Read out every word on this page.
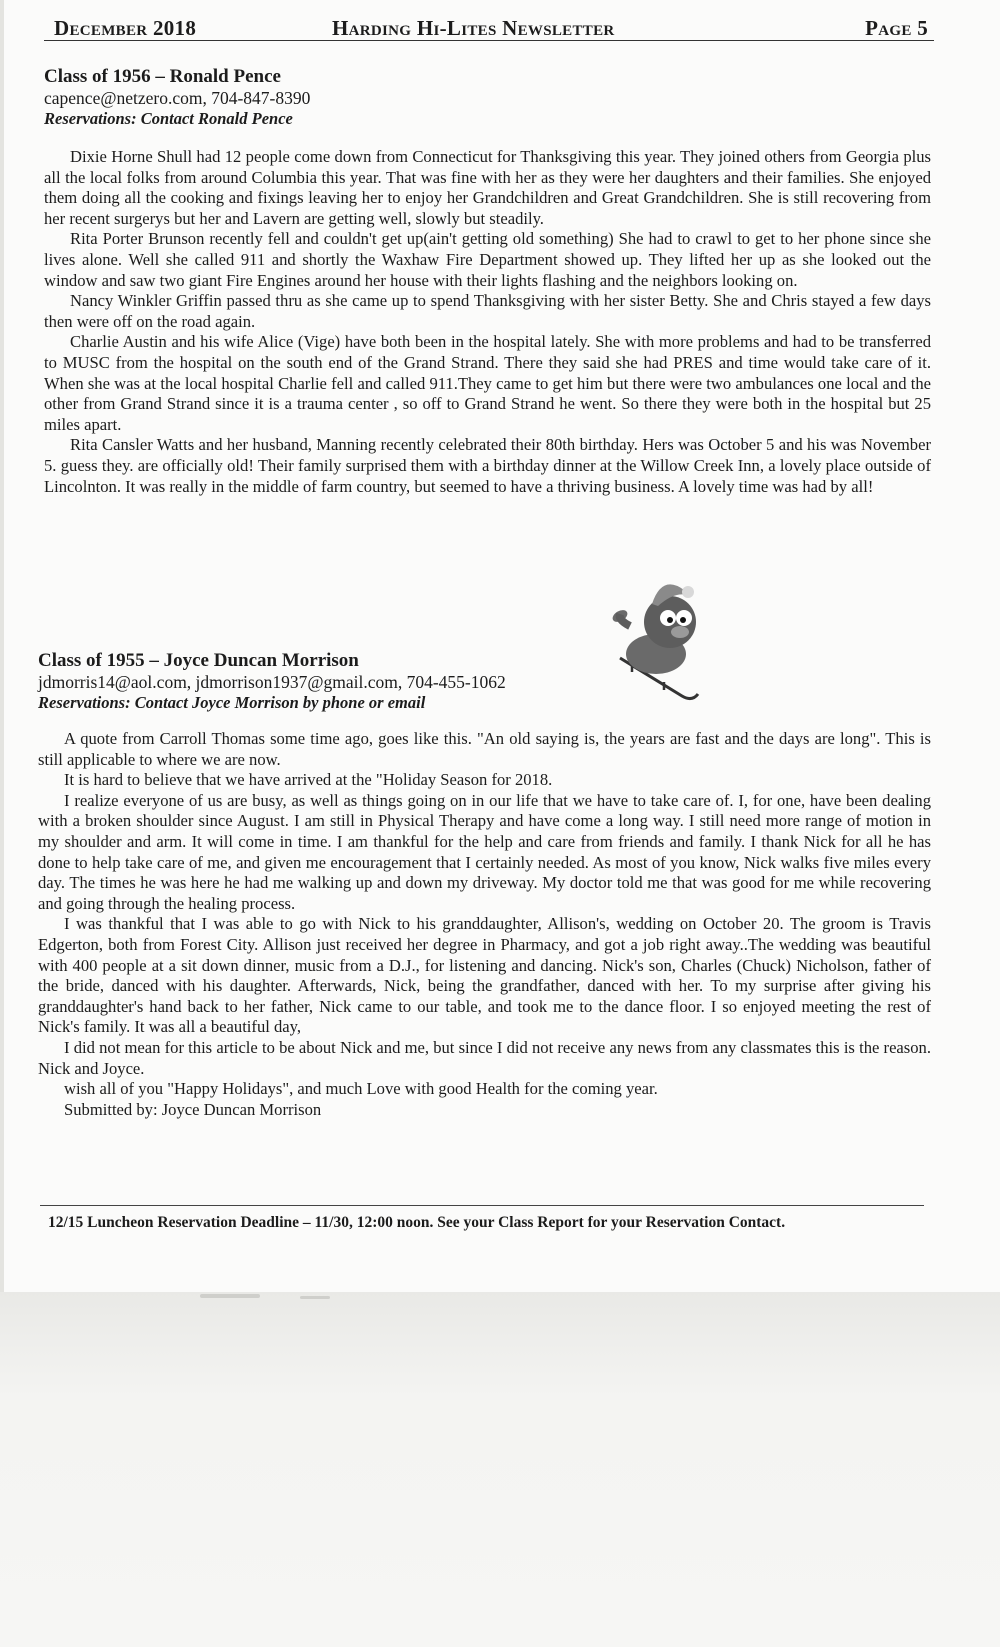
December 2018	Harding Hi-Lites Newsletter	Page 5
Class of 1956 – Ronald Pence
capence@netzero.com, 704-847-8390
Reservations: Contact Ronald Pence

Dixie Horne Shull had 12 people come down from Connecticut for Thanksgiving this year. They joined others from Georgia plus all the local folks from around Columbia this year. That was fine with her as they were her daughters and their families. She enjoyed them doing all the cooking and fixings leaving her to enjoy her Grandchildren and Great Grandchildren. She is still recovering from her recent surgerys but her and Lavern are getting well, slowly but steadily.

Rita Porter Brunson recently fell and couldn't get up(ain't getting old something) She had to crawl to get to her phone since she lives alone. Well she called 911 and shortly the Waxhaw Fire Department showed up. They lifted her up as she looked out the window and saw two giant Fire Engines around her house with their lights flashing and the neighbors looking on.

Nancy Winkler Griffin passed thru as she came up to spend Thanksgiving with her sister Betty. She and Chris stayed a few days then were off on the road again.

Charlie Austin and his wife Alice (Vige) have both been in the hospital lately. She with more problems and had to be transferred to MUSC from the hospital on the south end of the Grand Strand. There they said she had PRES and time would take care of it. When she was at the local hospital Charlie fell and called 911.They came to get him but there were two ambulances one local and the other from Grand Strand since it is a trauma center , so off to Grand Strand he went. So there they were both in the hospital but 25 miles apart.

Rita Cansler Watts and her husband, Manning recently celebrated their 80th birthday. Hers was October 5 and his was November 5. guess they. are officially old! Their family surprised them with a birthday dinner at the Willow Creek Inn, a lovely place outside of Lincolnton. It was really in the middle of farm country, but seemed to have a thriving business. A lovely time was had by all!

Class of 1955 – Joyce Duncan Morrison
jdmorris14@aol.com, jdmorrison1937@gmail.com, 704-455-1062
Reservations: Contact Joyce Morrison by phone or email

A quote from Carroll Thomas some time ago, goes like this. "An old saying is, the years are fast and the days are long". This is still applicable to where we are now.

It is hard to believe that we have arrived at the "Holiday Season for 2018.

I realize everyone of us are busy, as well as things going on in our life that we have to take care of. I, for one, have been dealing with a broken shoulder since August. I am still in Physical Therapy and have come a long way. I still need more range of motion in my shoulder and arm. It will come in time. I am thankful for the help and care from friends and family. I thank Nick for all he has done to help take care of me, and given me encouragement that I certainly needed. As most of you know, Nick walks five miles every day. The times he was here he had me walking up and down my driveway. My doctor told me that was good for me while recovering and going through the healing process.

I was thankful that I was able to go with Nick to his granddaughter, Allison's, wedding on October 20. The groom is Travis Edgerton, both from Forest City. Allison just received her degree in Pharmacy, and got a job right away..The wedding was beautiful with 400 people at a sit down dinner, music from a D.J., for listening and dancing. Nick's son, Charles (Chuck) Nicholson, father of the bride, danced with his daughter. Afterwards, Nick, being the grandfather, danced with her. To my surprise after giving his granddaughter's hand back to her father, Nick came to our table, and took me to the dance floor. I so enjoyed meeting the rest of Nick's family. It was all a beautiful day,

I did not mean for this article to be about Nick and me, but since I did not receive any news from any classmates this is the reason. Nick and Joyce.

wish all of you "Happy Holidays", and much Love with good Health for the coming year.

Submitted by: Joyce Duncan Morrison

12/15 Luncheon Reservation Deadline – 11/30, 12:00 noon. See your Class Report for your Reservation Contact.
